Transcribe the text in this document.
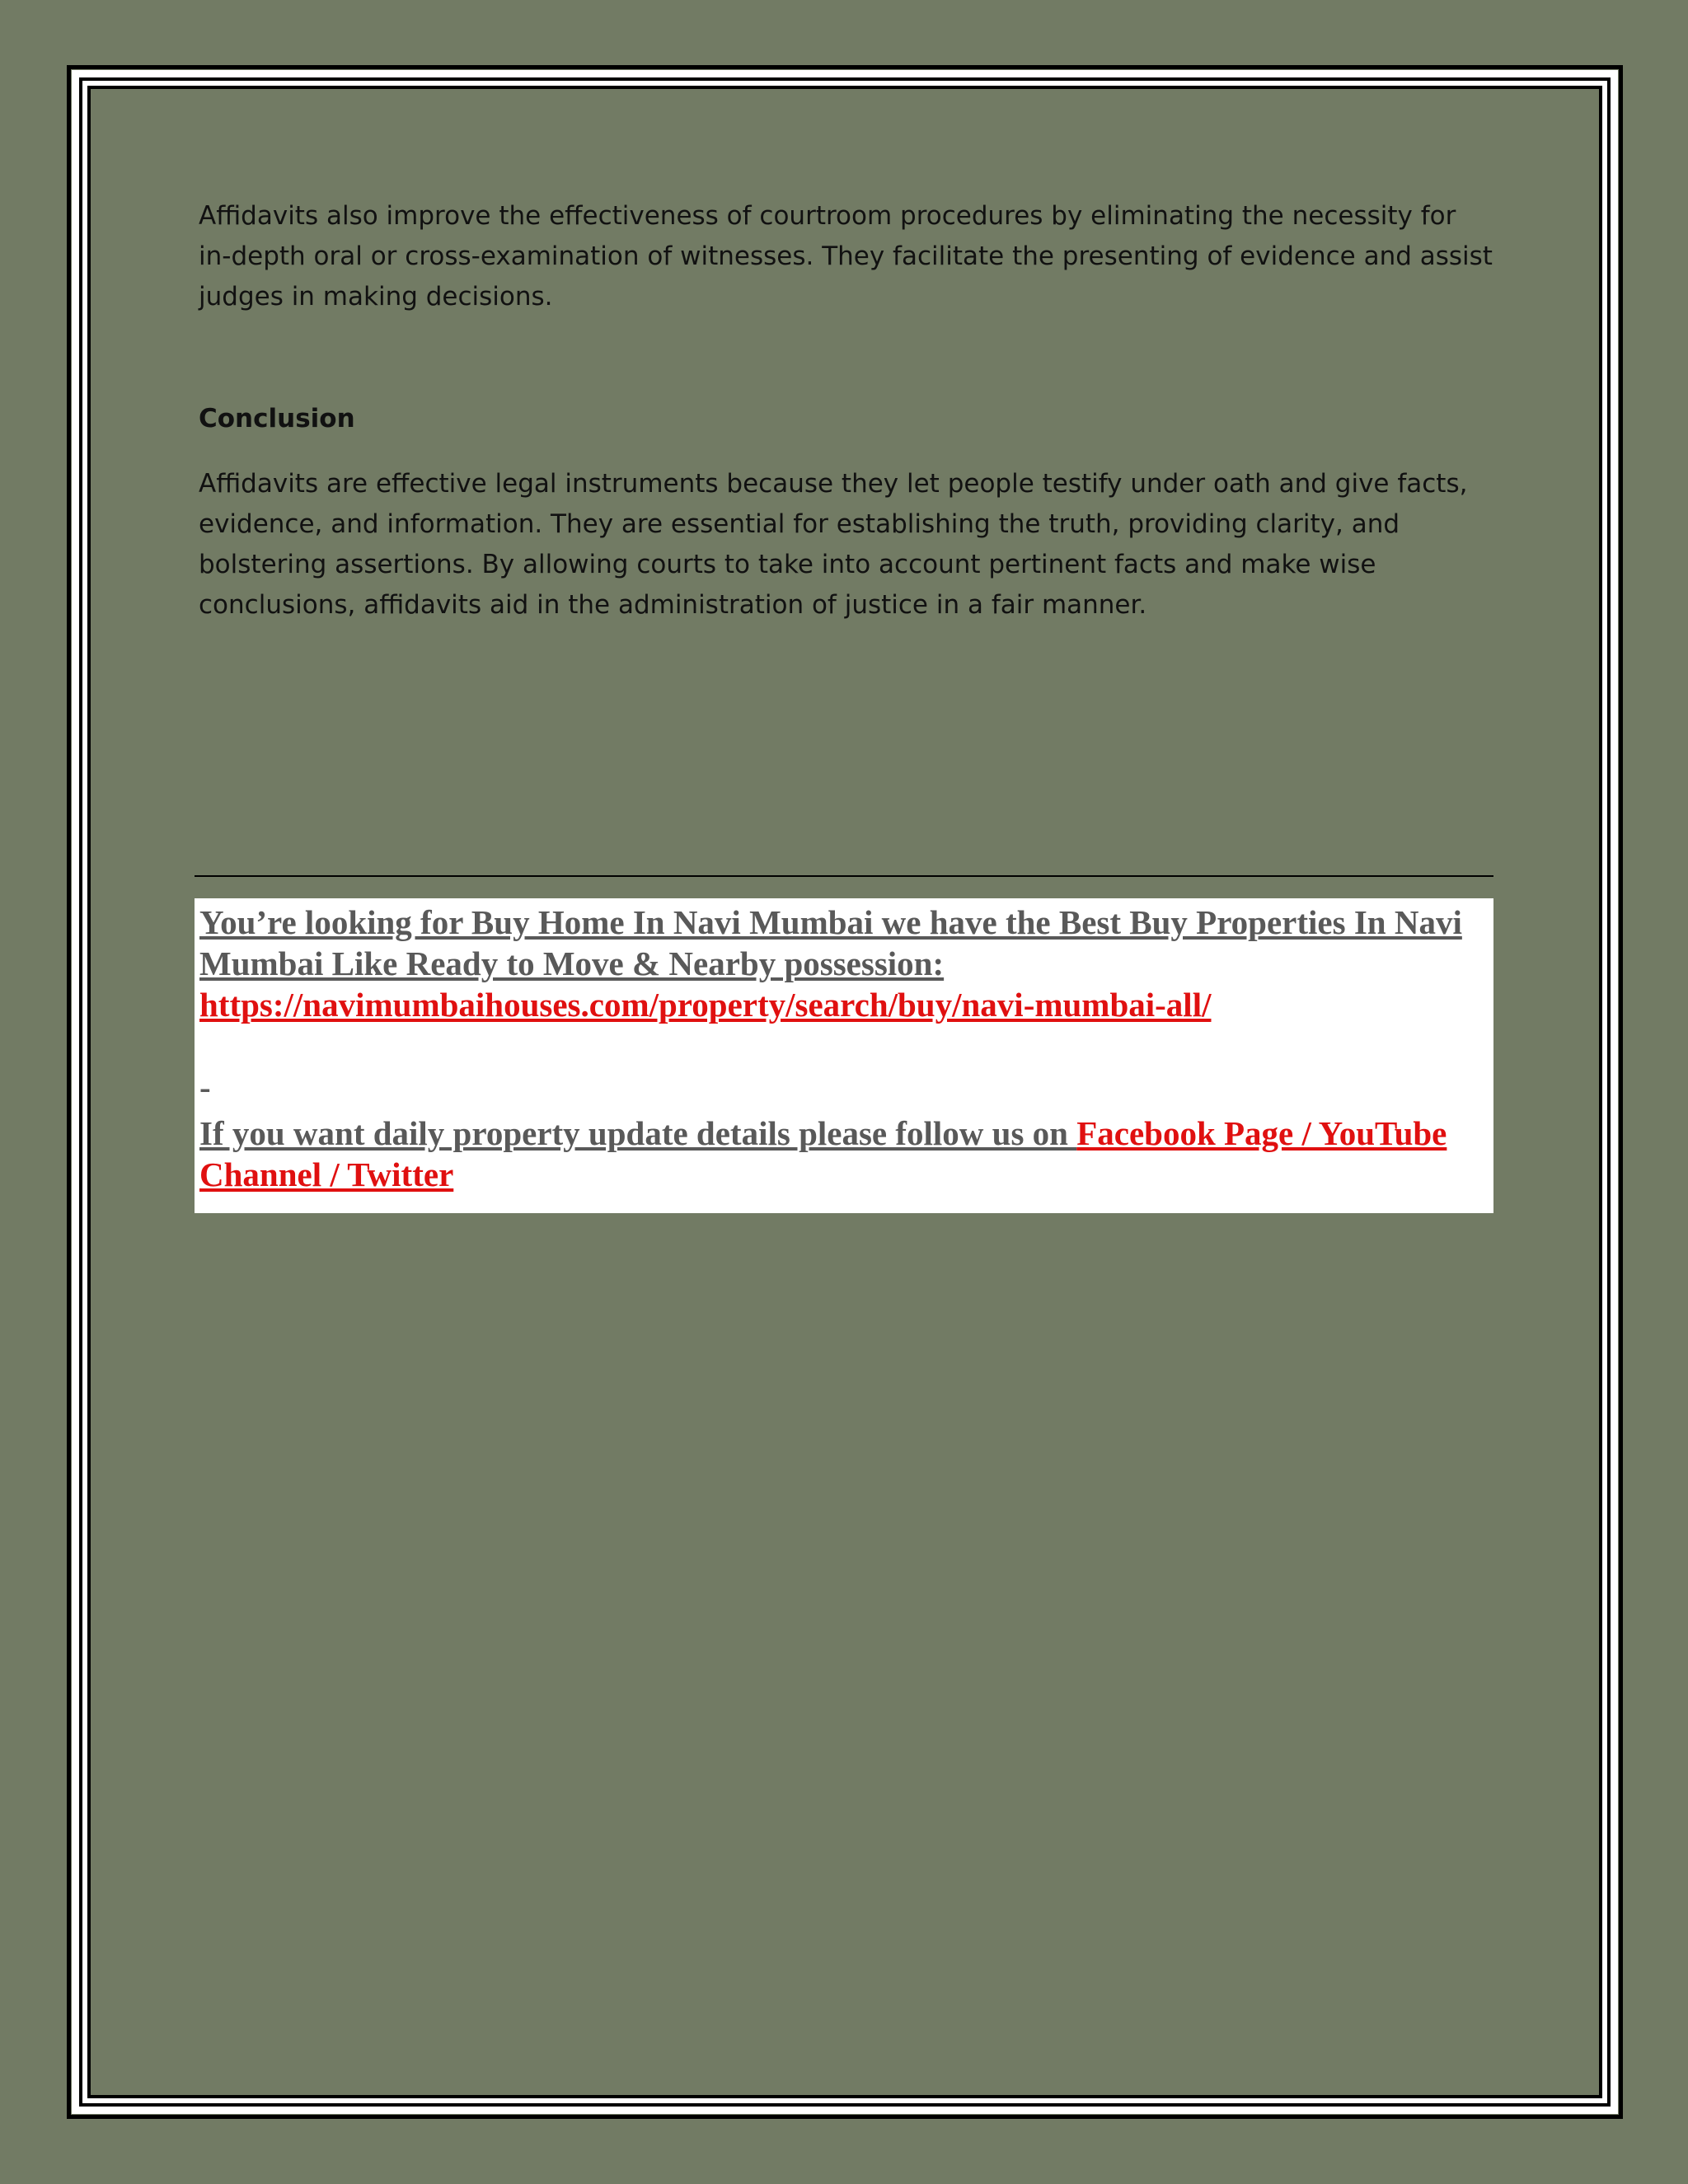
Affidavits also improve the effectiveness of courtroom procedures by eliminating the necessity for in-depth oral or cross-examination of witnesses. They facilitate the presenting of evidence and assist judges in making decisions.

Conclusion

Affidavits are effective legal instruments because they let people testify under oath and give facts, evidence, and information. They are essential for establishing the truth, providing clarity, and bolstering assertions. By allowing courts to take into account pertinent facts and make wise conclusions, affidavits aid in the administration of justice in a fair manner.

You’re looking for Buy Home In Navi Mumbai we have the Best Buy Properties In Navi Mumbai Like Ready to Move & Nearby possession: https://navimumbaihouses.com/property/search/buy/navi-mumbai-all/
-
If you want daily property update details please follow us on Facebook Page / YouTube Channel / Twitter
